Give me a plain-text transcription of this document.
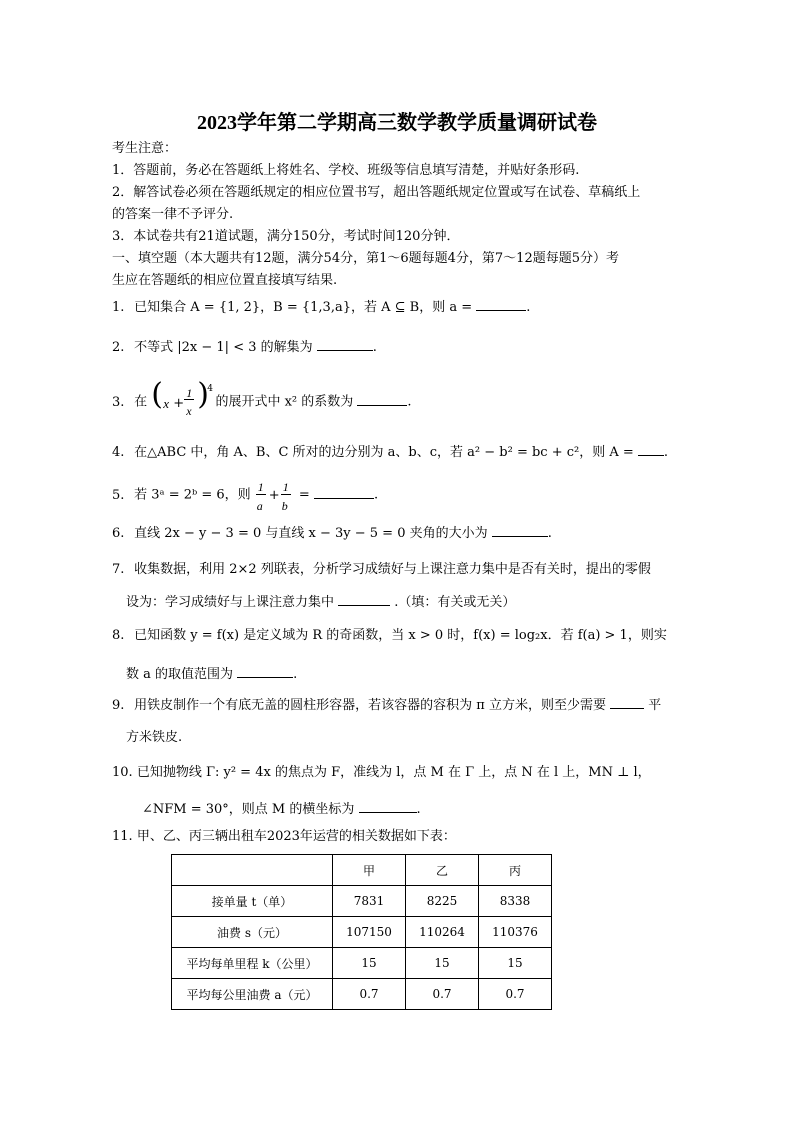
2023学年第二学期高三数学教学质量调研试卷
考生注意：
1．答题前，务必在答题纸上将姓名、学校、班级等信息填写清楚，并贴好条形码.
2．解答试卷必须在答题纸规定的相应位置书写，超出答题纸规定位置或写在试卷、草稿纸上
的答案一律不予评分.
3．本试卷共有21道试题，满分150分，考试时间120分钟．
一、填空题（本大题共有12题，满分54分，第1～6题每题4分，第7～12题每题5分）考
生应在答题纸的相应位置直接填写结果.
1. 已知集合 A = {1, 2}，B = {1,3,a}，若 A ⊆ B，则 a =	.
2. 不等式 |2x − 1| < 3 的解集为	.
3. 在 ( x +
1
x )
4
的展开式中 x² 的系数为	.
4. 在△ABC 中，角 A、B、C 所对的边分别为 a、b、c，若 a² − b² = bc + c²，则 A = .
5. 若 3ᵃ = 2ᵇ = 6，则
1
a
+
1
b
=	.
6. 直线 2x − y − 3 = 0 与直线 x − 3y − 5 = 0 夹角的大小为	.
7. 收集数据，利用 2×2 列联表，分析学习成绩好与上课注意力集中是否有关时，提出的零假
设为：学习成绩好与上课注意力集中	.（填：有关或无关）
8. 已知函数 y = f(x) 是定义域为 R 的奇函数，当 x > 0 时，f(x) = log₂x．若 f(a) > 1，则实
数 a 的取值范围为	.
9. 用铁皮制作一个有底无盖的圆柱形容器，若该容器的容积为 π 立方米，则至少需要	平
方米铁皮.
10. 已知抛物线 Γ: y² = 4x 的焦点为 F，准线为 l，点 M 在 Γ 上，点 N 在 l 上，MN ⊥ l，
∠NFM = 30°，则点 M 的横坐标为	.
11. 甲、乙、丙三辆出租车2023年运营的相关数据如下表：
	甲	乙	丙
接单量 t（单）	7831	8225	8338
油费 s（元）	107150	110264	110376
平均每单里程 k（公里）	15	15	15
平均每公里油费 a（元）	0.7	0.7	0.7
